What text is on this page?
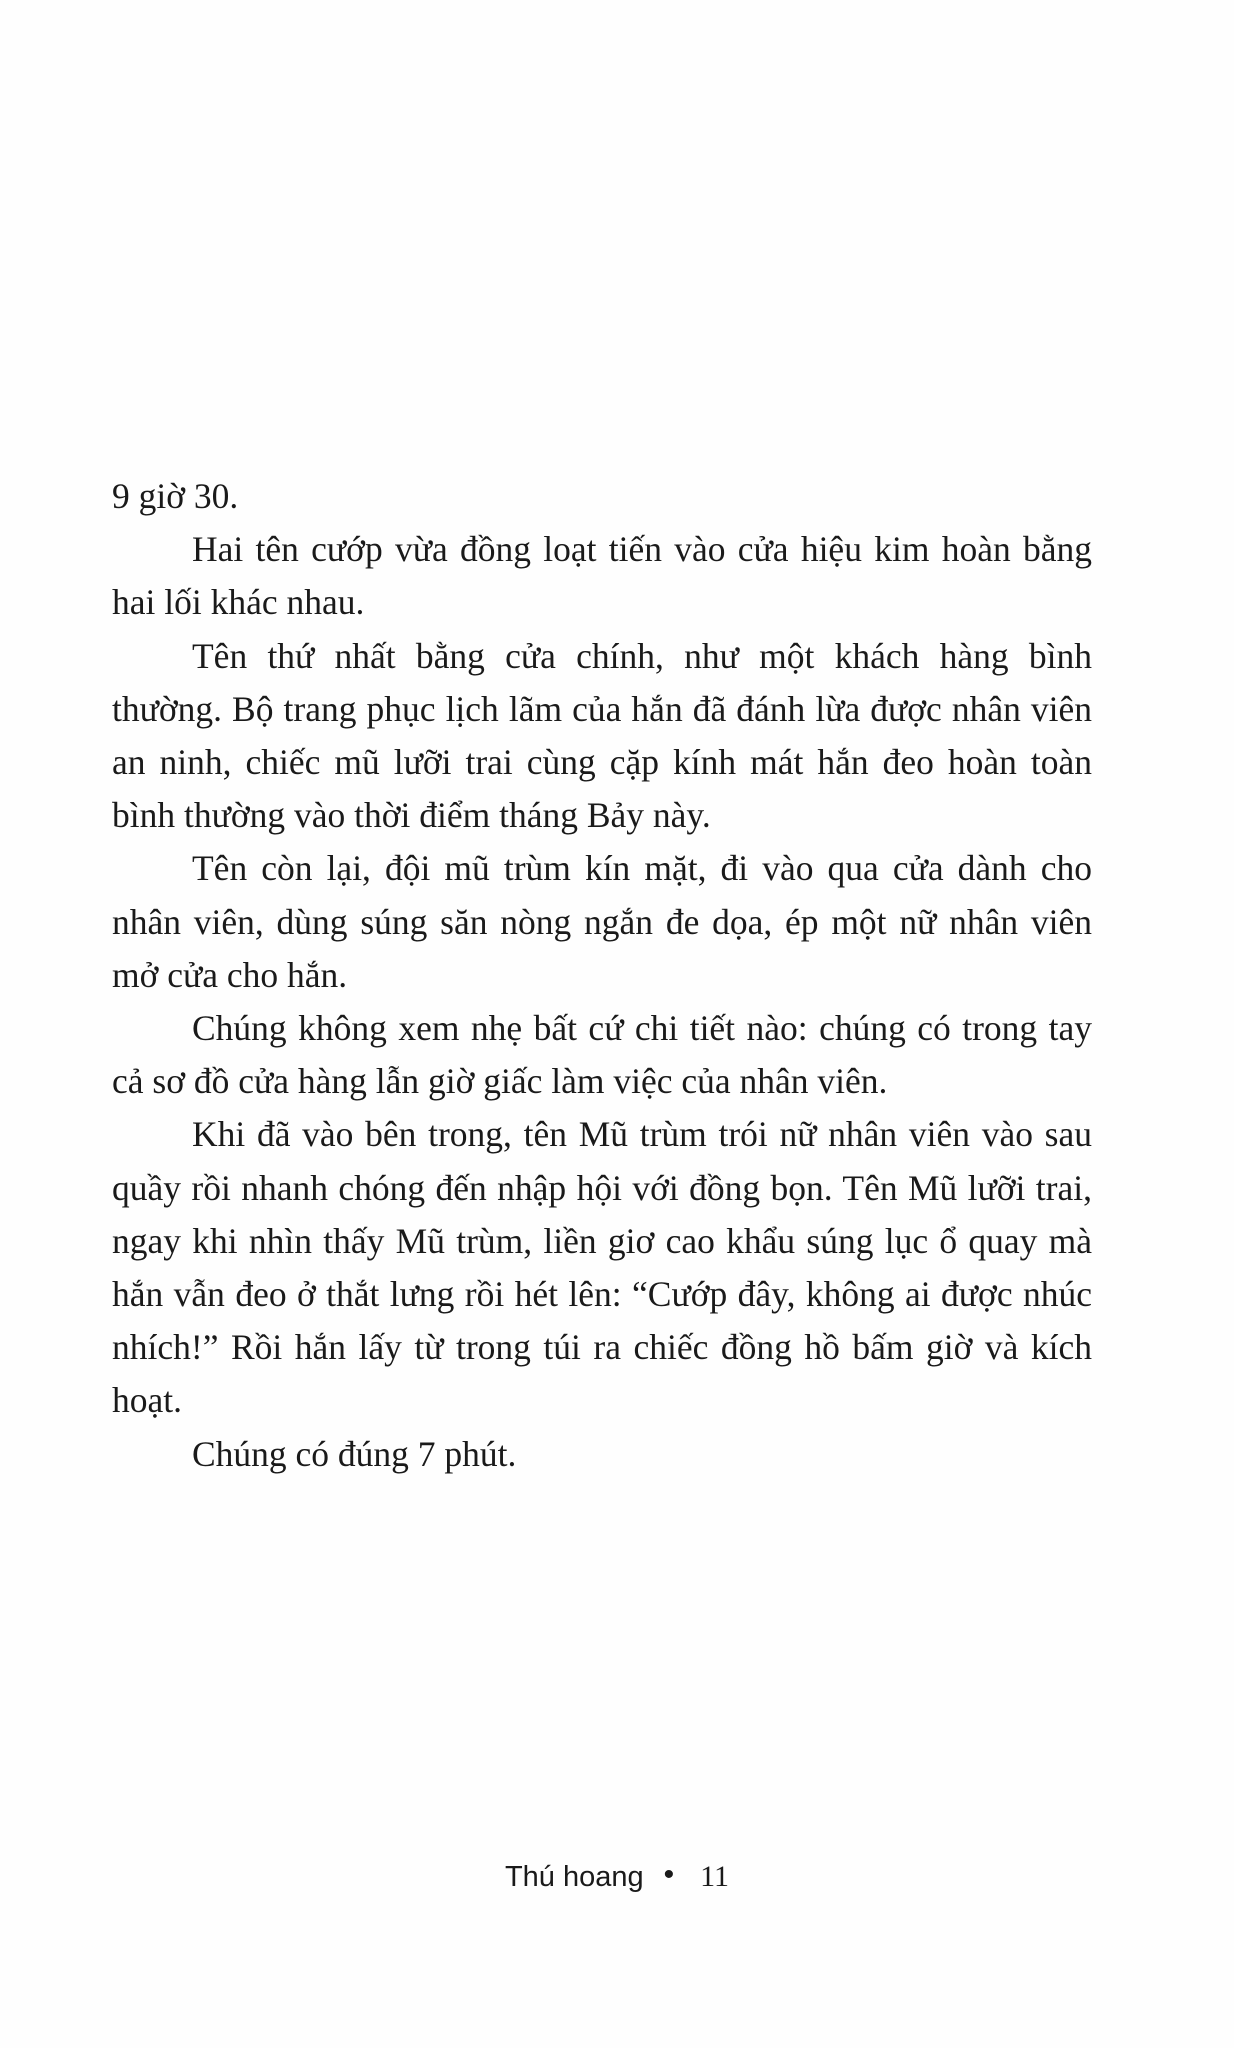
9 giờ 30.

Hai tên cướp vừa đồng loạt tiến vào cửa hiệu kim hoàn bằng hai lối khác nhau.

Tên thứ nhất bằng cửa chính, như một khách hàng bình thường. Bộ trang phục lịch lãm của hắn đã đánh lừa được nhân viên an ninh, chiếc mũ lưỡi trai cùng cặp kính mát hắn đeo hoàn toàn bình thường vào thời điểm tháng Bảy này.

Tên còn lại, đội mũ trùm kín mặt, đi vào qua cửa dành cho nhân viên, dùng súng săn nòng ngắn đe dọa, ép một nữ nhân viên mở cửa cho hắn.

Chúng không xem nhẹ bất cứ chi tiết nào: chúng có trong tay cả sơ đồ cửa hàng lẫn giờ giấc làm việc của nhân viên.

Khi đã vào bên trong, tên Mũ trùm trói nữ nhân viên vào sau quầy rồi nhanh chóng đến nhập hội với đồng bọn. Tên Mũ lưỡi trai, ngay khi nhìn thấy Mũ trùm, liền giơ cao khẩu súng lục ổ quay mà hắn vẫn đeo ở thắt lưng rồi hét lên: “Cướp đây, không ai được nhúc nhích!” Rồi hắn lấy từ trong túi ra chiếc đồng hồ bấm giờ và kích hoạt.

Chúng có đúng 7 phút.

Thú hoang • 11
